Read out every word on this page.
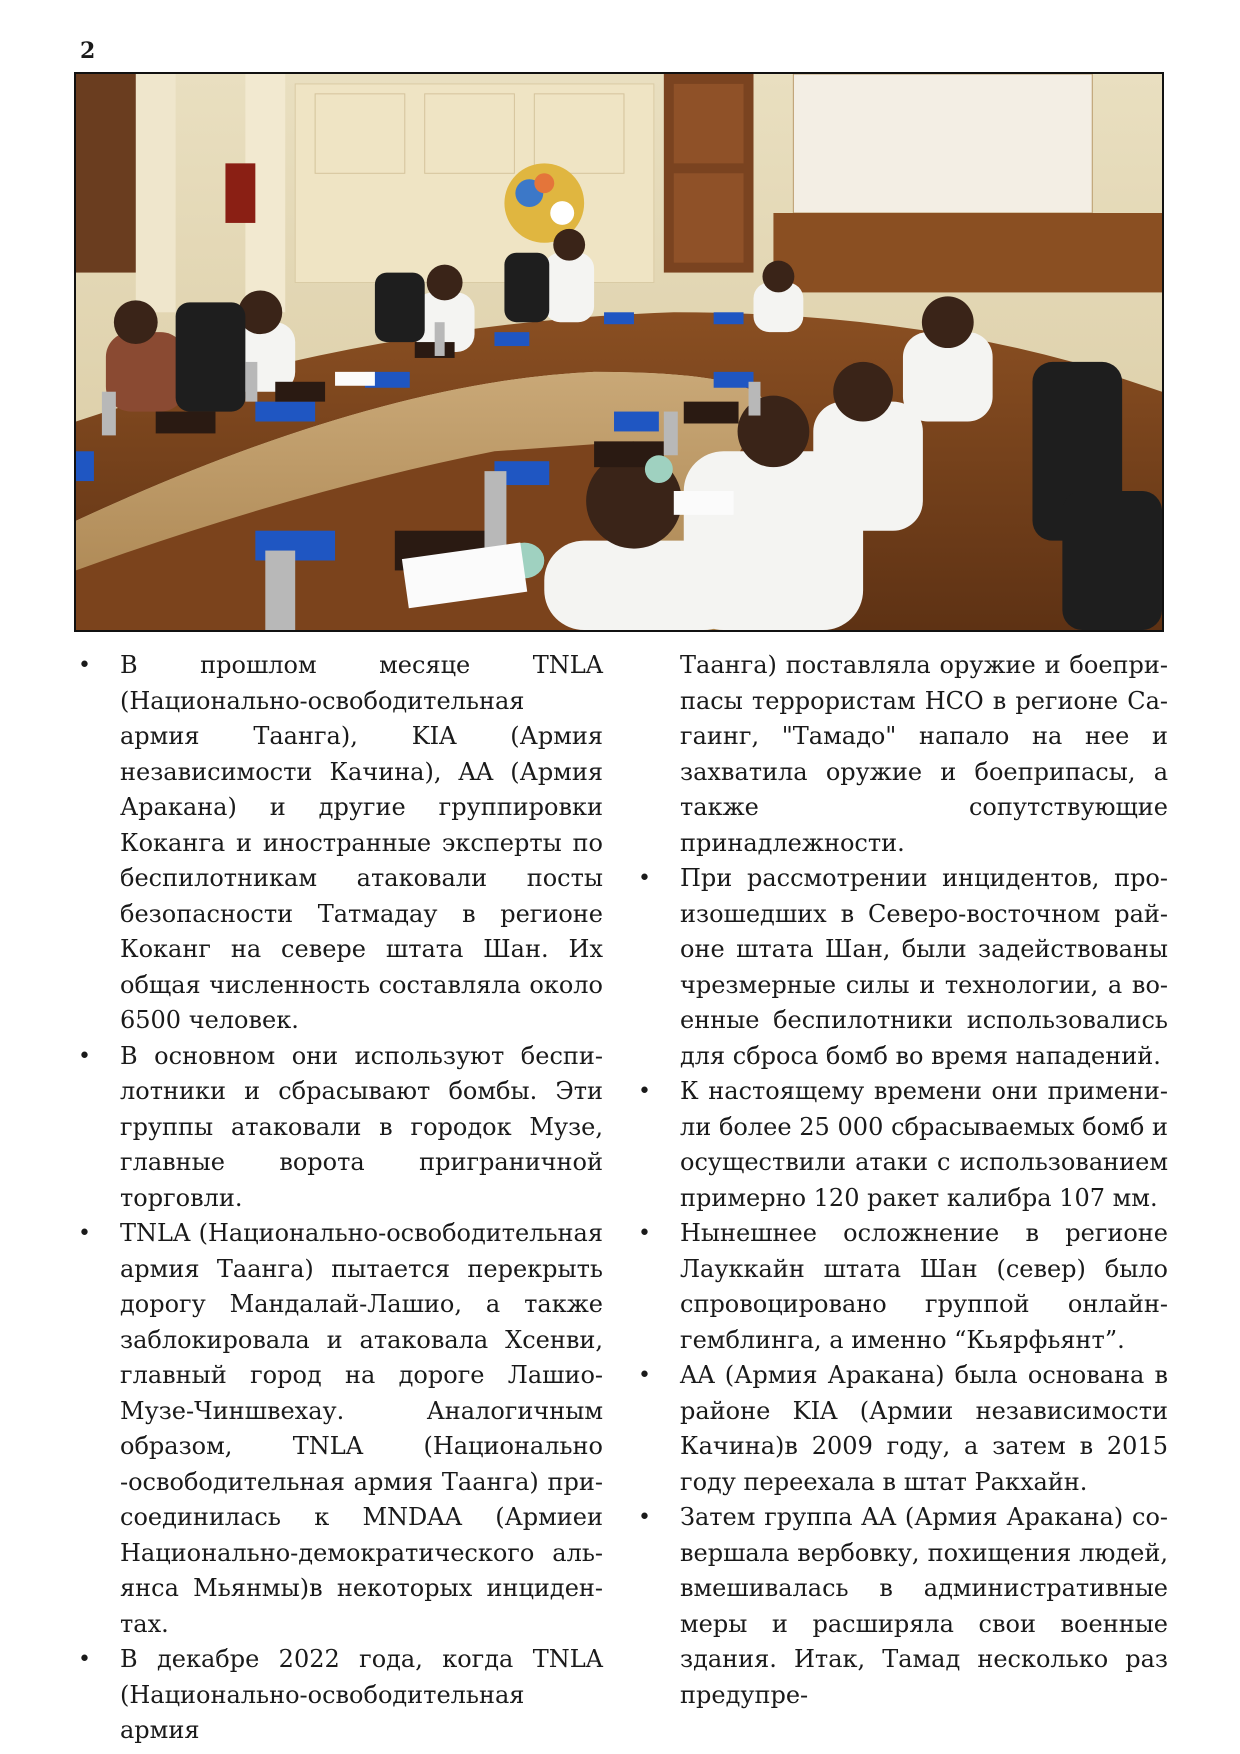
2
• В прошлом месяце TNLA (Национально-освободительная армия Таанга), KIA (Армия независимости Качина), AA (Армия Аракана) и другие группировки Коканга и иностранные эксперты по беспилотникам атаковали посты безопасности Татмадау в регионе Коканг на севере штата Шан. Их общая численность составляла около 6500 человек.
• В основном они используют беспилотники и сбрасывают бомбы. Эти группы атаковали в городок Музе, главные ворота приграничной торговли.
• TNLA (Национально-освободительная армия Таанга) пытается перекрыть дорогу Мандалай-Лашио, а также заблокировала и атаковала Хсенви, главный город на дороге Лашио-Музе-Чиншвехау. Аналогичным образом, TNLA (Национально -освободительная армия Таанга) присоединилась к MNDAA (Армиеи Национально-демократического альянса Мьянмы)в некоторых инцидентах.
• В декабре 2022 года, когда TNLA (Национально-освободительная армия

Таанга) поставляла оружие и боеприпасы террористам НСО в регионе Сагаинг, "Тамадо" напало на нее и захватила оружие и боеприпасы, а также сопутствующие принадлежности.

• При рассмотрении инцидентов, произошедших в Северо-восточном районе штата Шан, были задействованы чрезмерные силы и технологии, а военные беспилотники использовались для сброса бомб во время нападений.
• К настоящему времени они применили более 25 000 сбрасываемых бомб и осуществили атаки с использованием примерно 120 ракет калибра 107 мм.
• Нынешнее осложнение в регионе Лауккайн штата Шан (север) было спровоцировано группой онлайн-гемблинга, а именно “Кьярфьянт”.
• AA (Армия Аракана) была основана в районе KIA (Армии независимости Качина)в 2009 году, а затем в 2015 году переехала в штат Ракхайн.
• Затем группа AA (Армия Аракана) совершала вербовку, похищения людей, вмешивалась в административные меры и расширяла свои военные здания. Итак, Тамад несколько раз предупре-
